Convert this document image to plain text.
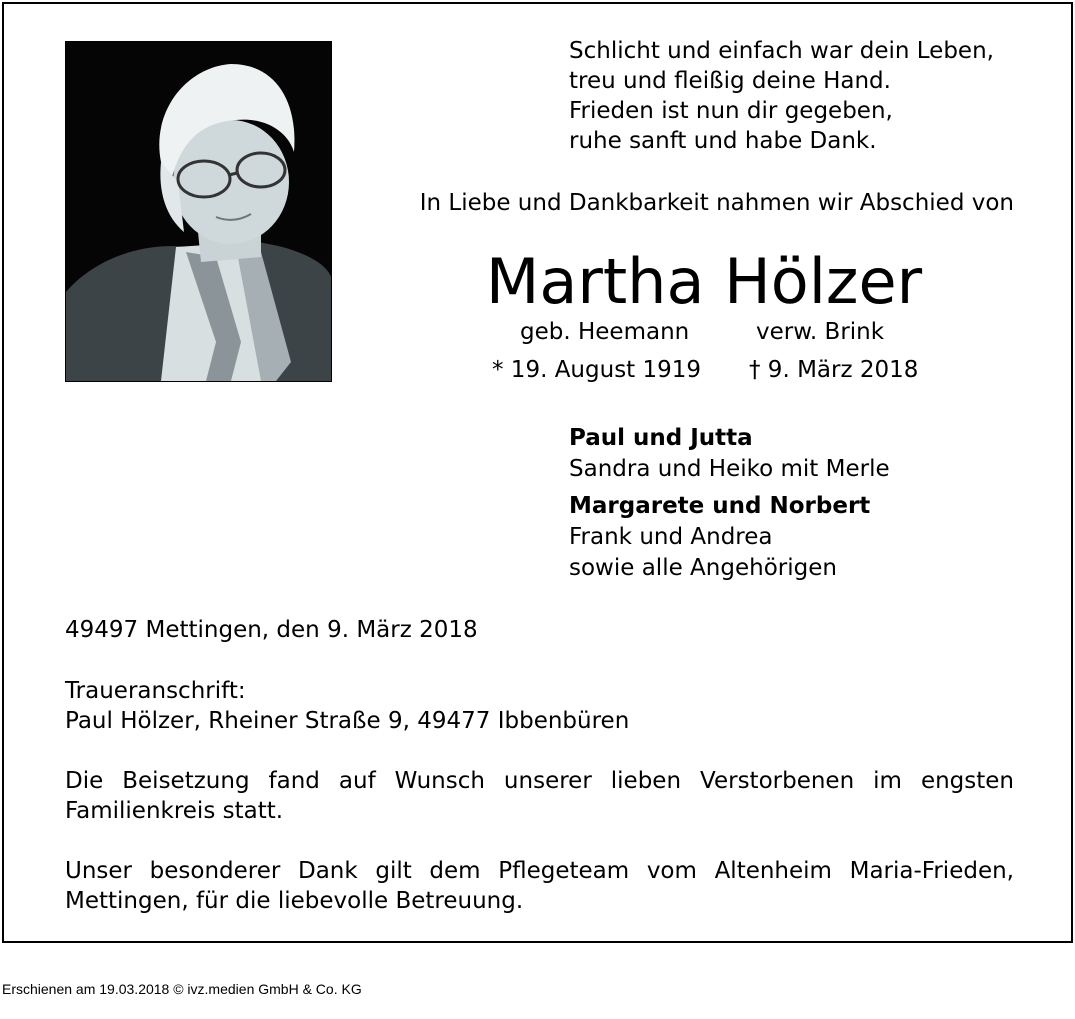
Schlicht und einfach war dein Leben,
treu und fleißig deine Hand.
Frieden ist nun dir gegeben,
ruhe sanft und habe Dank.
In Liebe und Dankbarkeit nahmen wir Abschied von
Martha Hölzer
geb. Heemann	verw. Brink
* 19. August 1919 † 9. März 2018
Paul und Jutta
Sandra und Heiko mit Merle
Margarete und Norbert
Frank und Andrea
sowie alle Angehörigen
49497 Mettingen, den 9. März 2018
Traueranschrift:
Paul Hölzer, Rheiner Straße 9, 49477 Ibbenbüren

Die Beisetzung fand auf Wunsch unserer lieben Verstorbenen im engsten Familienkreis statt.

Unser besonderer Dank gilt dem Pflegeteam vom Altenheim Maria-Frieden, Mettingen, für die liebevolle Betreuung.

Erschienen am 19.03.2018 © ivz.medien GmbH & Co. KG
